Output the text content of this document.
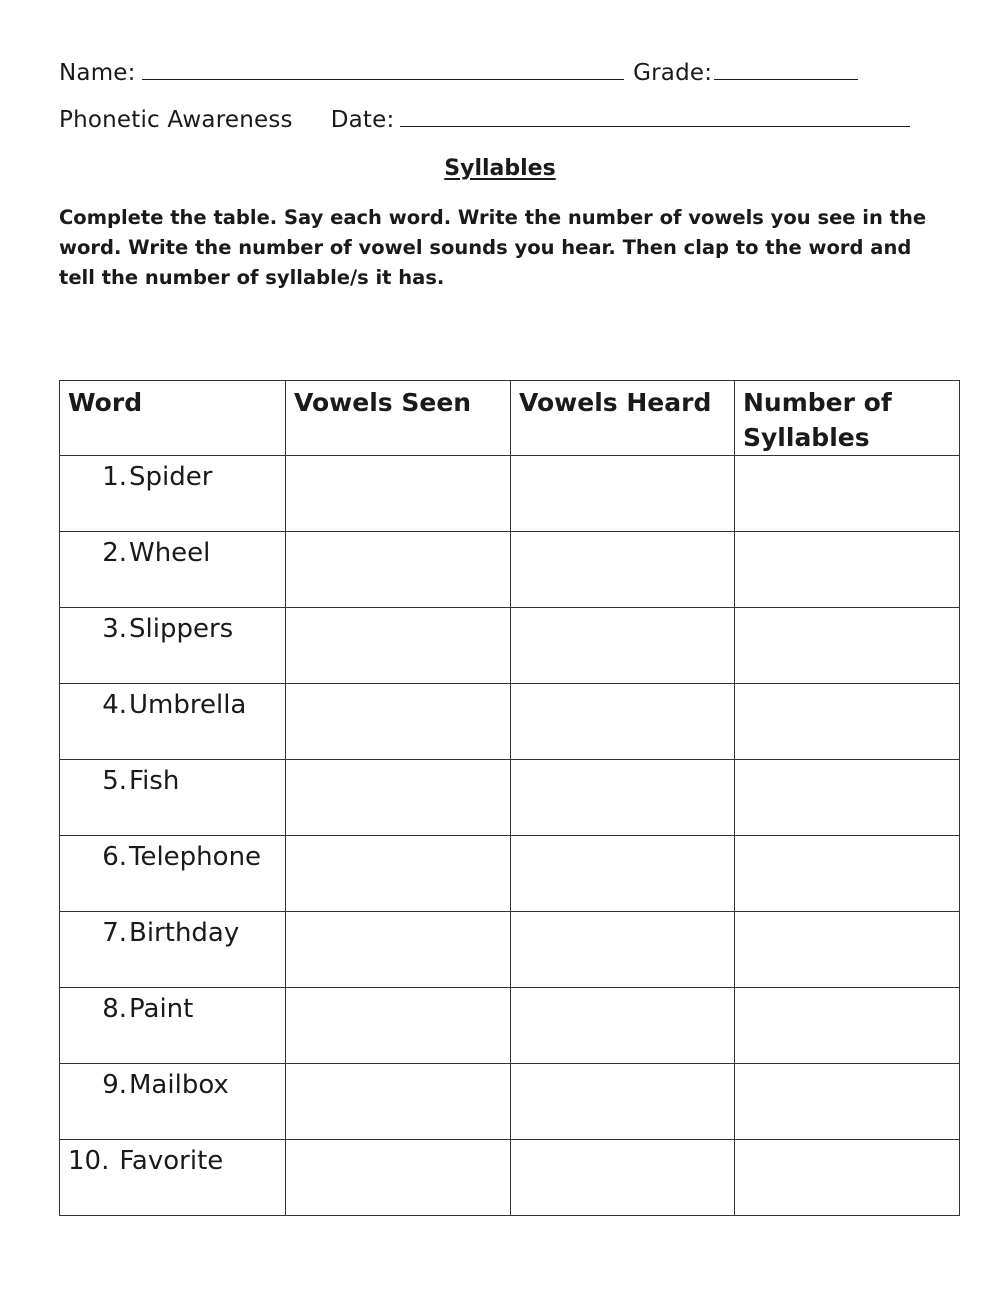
Name:	Grade:
Phonetic Awareness Date:
Syllables
Complete the table. Say each word. Write the number of vowels you see in the word. Write the number of vowel sounds you hear. Then clap to the word and tell the number of syllable/s it has.
Word	Vowels Seen	Vowels Heard	Number of Syllables
1.Spider			
2.Wheel			
3.Slippers			
4.Umbrella			
5.Fish			
6.Telephone			
7.Birthday			
8.Paint			
9.Mailbox			
10. Favorite			
